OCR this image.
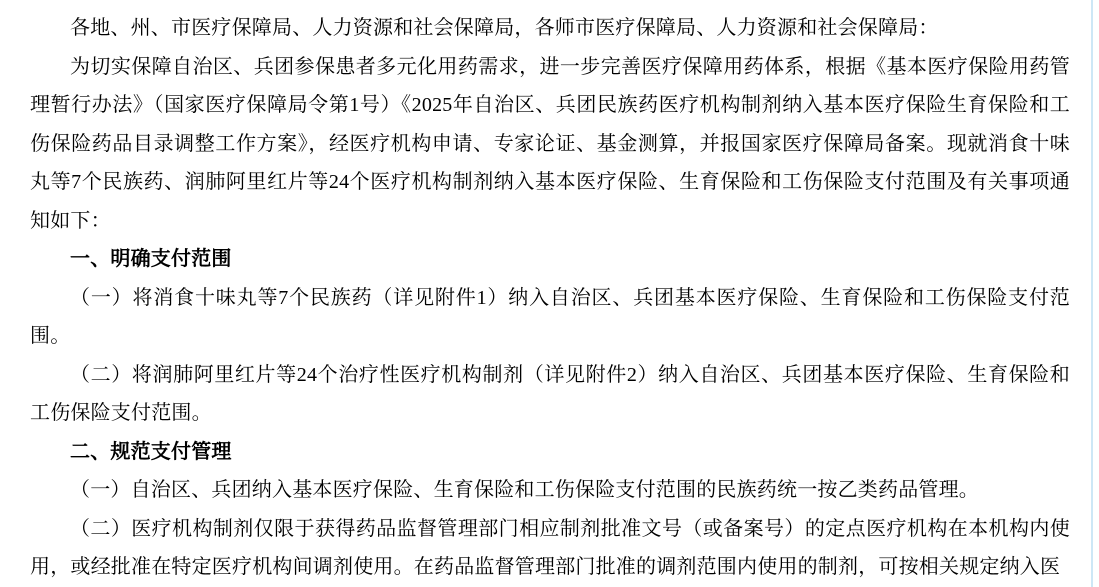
各地、州、市医疗保障局、人力资源和社会保障局，各师市医疗保障局、人力资源和社会保障局：

为切实保障自治区、兵团参保患者多元化用药需求，进一步完善医疗保障用药体系，根据《基本医疗保险用药管理暂行办法》（国家医疗保障局令第1号）《2025年自治区、兵团民族药医疗机构制剂纳入基本医疗保险生育保险和工伤保险药品目录调整工作方案》，经医疗机构申请、专家论证、基金测算，并报国家医疗保障局备案。现就消食十味丸等7个民族药、润肺阿里红片等24个医疗机构制剂纳入基本医疗保险、生育保险和工伤保险支付范围及有关事项通知如下：

一、明确支付范围

（一）将消食十味丸等7个民族药（详见附件1）纳入自治区、兵团基本医疗保险、生育保险和工伤保险支付范围。

（二）将润肺阿里红片等24个治疗性医疗机构制剂（详见附件2）纳入自治区、兵团基本医疗保险、生育保险和工伤保险支付范围。

二、规范支付管理

（一）自治区、兵团纳入基本医疗保险、生育保险和工伤保险支付范围的民族药统一按乙类药品管理。

（二）医疗机构制剂仅限于获得药品监督管理部门相应制剂批准文号（或备案号）的定点医疗机构在本机构内使用，或经批准在特定医疗机构间调剂使用。在药品监督管理部门批准的调剂范围内使用的制剂，可按相关规定纳入医
